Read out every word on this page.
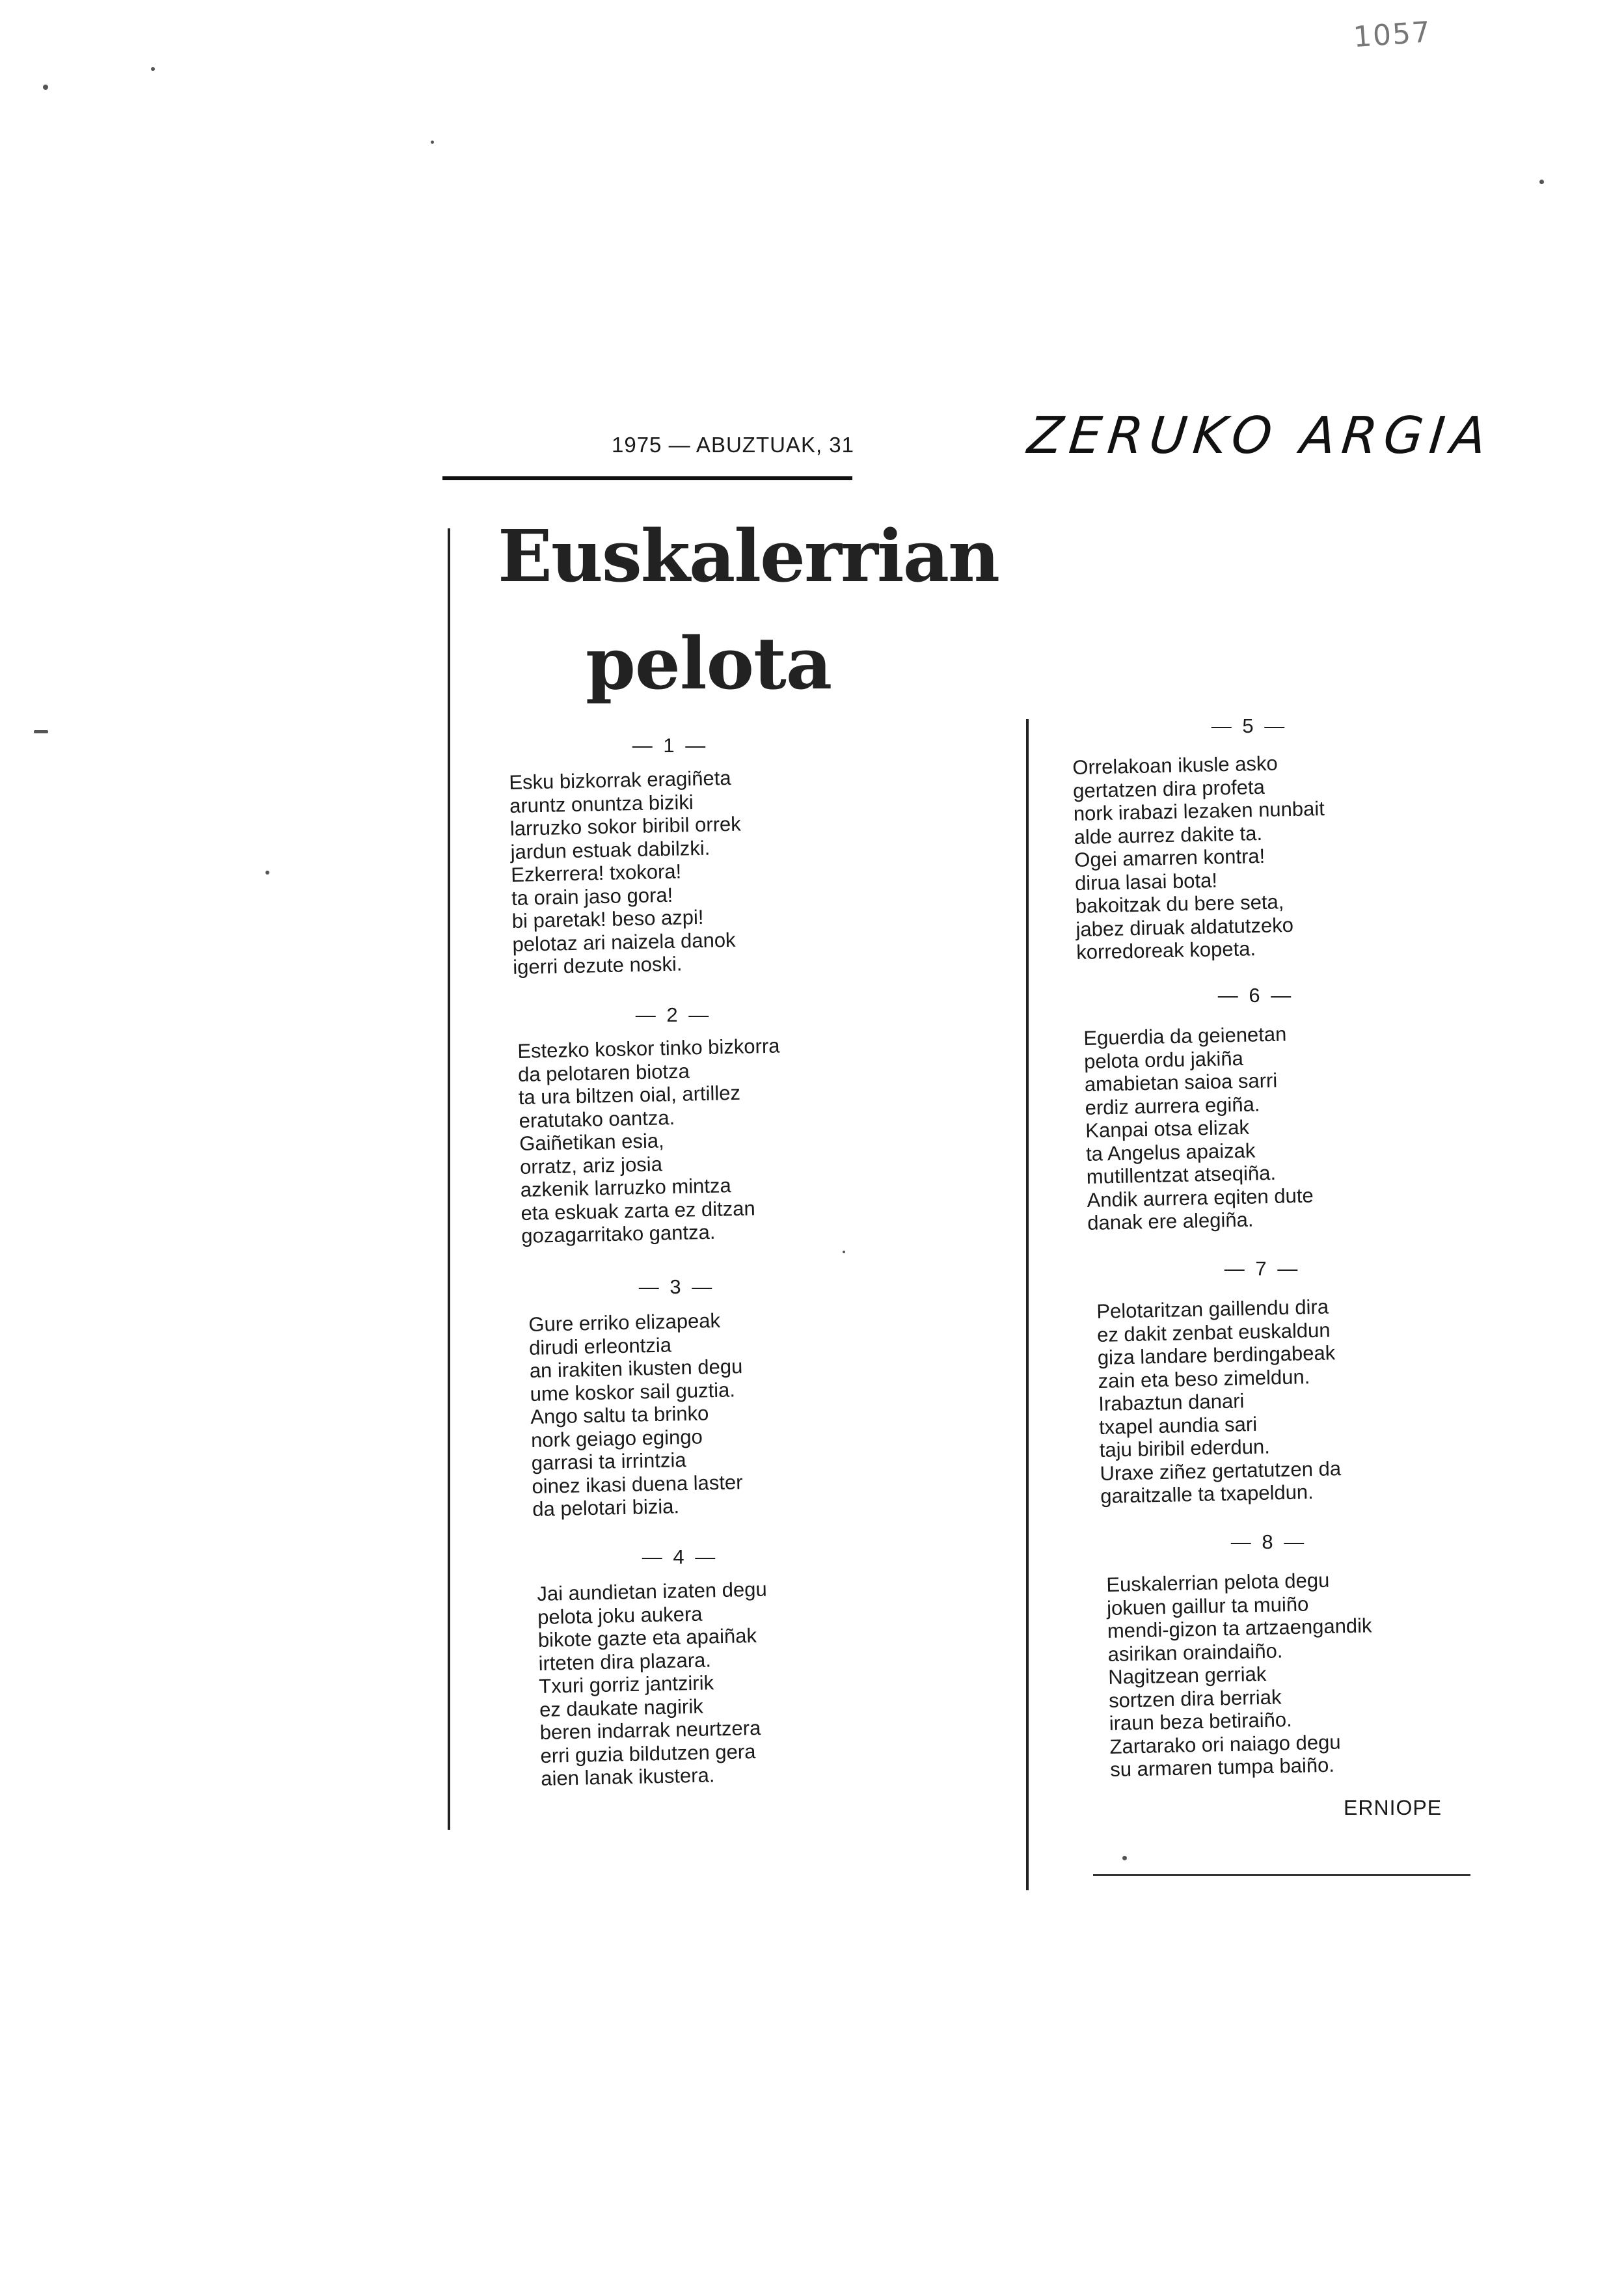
1057
1975 — ABUZTUAK, 31	ZERUKO ARGIA
Euskalerrian
pelota
— 1 —
Esku bizkorrak eragiñeta
aruntz onuntza biziki
larruzko sokor biribil orrek
jardun estuak dabilzki.
Ezkerrera! txokora!
ta orain jaso gora!
bi paretak! beso azpi!
pelotaz ari naizela danok
igerri dezute noski.
— 2 —
Estezko koskor tinko bizkorra
da pelotaren biotza
ta ura biltzen oial, artillez
eratutako oantza.
Gaiñetikan esia,
orratz, ariz josia
azkenik larruzko mintza
eta eskuak zarta ez ditzan
gozagarritako gantza.
— 3 —
Gure erriko elizapeak
dirudi erleontzia
an irakiten ikusten degu
ume koskor sail guztia.
Ango saltu ta brinko
nork geiago egingo
garrasi ta irrintzia
oinez ikasi duena laster
da pelotari bizia.
— 4 —
Jai aundietan izaten degu
pelota joku aukera
bikote gazte eta apaiñak
irteten dira plazara.
Txuri gorriz jantzirik
ez daukate nagirik
beren indarrak neurtzera
erri guzia bildutzen gera
aien lanak ikustera.
— 5 —
Orrelakoan ikusle asko
gertatzen dira profeta
nork irabazi lezaken nunbait
alde aurrez dakite ta.
Ogei amarren kontra!
dirua lasai bota!
bakoitzak du bere seta,
jabez diruak aldatutzeko
korredoreak kopeta.
— 6 —
Eguerdia da geienetan
pelota ordu jakiña
amabietan saioa sarri
erdiz aurrera egiña.
Kanpai otsa elizak
ta Angelus apaizak
mutillentzat atseqiña.
Andik aurrera eqiten dute
danak ere alegiña.
— 7 —
Pelotaritzan gaillendu dira
ez dakit zenbat euskaldun
giza landare berdingabeak
zain eta beso zimeldun.
Irabaztun danari
txapel aundia sari
taju biribil ederdun.
Uraxe ziñez gertatutzen da
garaitzalle ta txapeldun.
— 8 —
Euskalerrian pelota degu
jokuen gaillur ta muiño
mendi-gizon ta artzaengandik
asirikan oraindaiño.
Nagitzean gerriak
sortzen dira berriak
iraun beza betiraiño.
Zartarako ori naiago degu
su armaren tumpa baiño.
ERNIOPE
